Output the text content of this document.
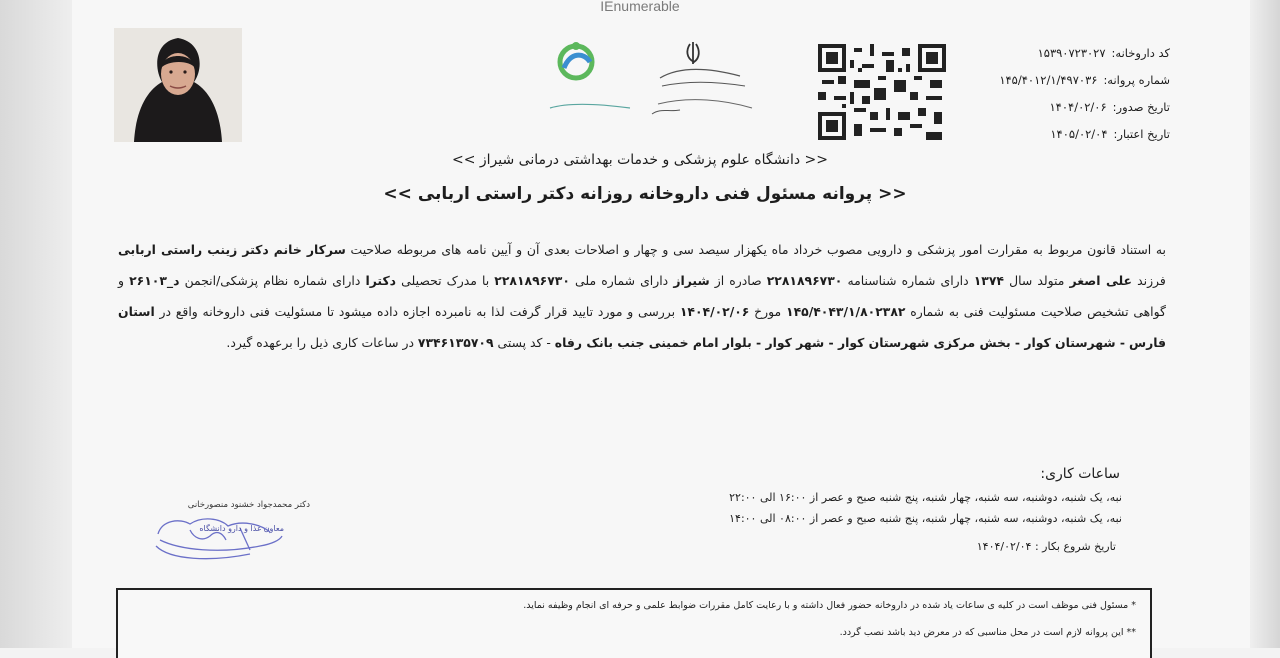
IEnumerable
کد داروخانه:
۱۵۳۹۰۷۲۳۰۲۷
شماره پروانه:
۱۴۵/۴۰۱۲/۱/۴۹۷۰۳۶
تاریخ صدور:
۱۴۰۴/۰۲/۰۶
تاریخ اعتبار:
۱۴۰۵/۰۲/۰۴
<< دانشگاه علوم پزشکی و خدمات بهداشتی درمانی شیراز >>
<< پروانه مسئول فنی داروخانه روزانه دکتر راستی اربابی >>
به استناد قانون مربوط به مقرارت امور پزشکی و دارویی مصوب خرداد ماه یکهزار سیصد سی و چهار و اصلاحات بعدی آن و آیین نامه های مربوطه صلاحیت سرکار خانم دکتر زینب راستی اربابی فرزند علی اصغر متولد سال ۱۳۷۴ دارای شماره شناسنامه ۲۲۸۱۸۹۶۷۳۰ صادره از شیراز دارای شماره ملی ۲۲۸۱۸۹۶۷۳۰ با مدرک تحصیلی دکترا دارای شماره نظام پزشکی/انجمن د_۲۶۱۰۳ و گواهی تشخیص صلاحیت مسئولیت فنی به شماره ۱۴۵/۴۰۴۳/۱/۸۰۲۳۸۲ مورخ ۱۴۰۴/۰۲/۰۶ بررسی و مورد تایید قرار گرفت لذا به نامبرده اجازه داده میشود تا مسئولیت فنی داروخانه واقع در استان فارس - شهرستان کوار - بخش مرکزی شهرستان کوار - شهر کوار - بلوار امام خمینی جنب بانک رفاه - کد پستی ۷۳۴۶۱۳۵۷۰۹ در ساعات کاری ذیل را برعهده گیرد.
ساعات کاری:
نبه، یک شنبه، دوشنبه، سه شنبه، چهار شنبه، پنج شنبه صبح و عصر از ۱۶:۰۰ الی ۲۲:۰۰
نبه، یک شنبه، دوشنبه، سه شنبه، چهار شنبه، پنج شنبه صبح و عصر از ۰۸:۰۰ الی ۱۴:۰۰
تاریخ شروع بکار : ۱۴۰۴/۰۲/۰۴
دکتر محمدجواد خشنود منصورخانی
معاون غذا و دارو دانشگاه
* مسئول فنی موظف است در کلیه ی ساعات یاد شده در داروخانه حضور فعال داشته و با رعایت کامل مقررات ضوابط علمی و حرفه ای انجام وظیفه نماید.
** این پروانه لازم است در محل مناسبی که در معرض دید باشد نصب گردد.
